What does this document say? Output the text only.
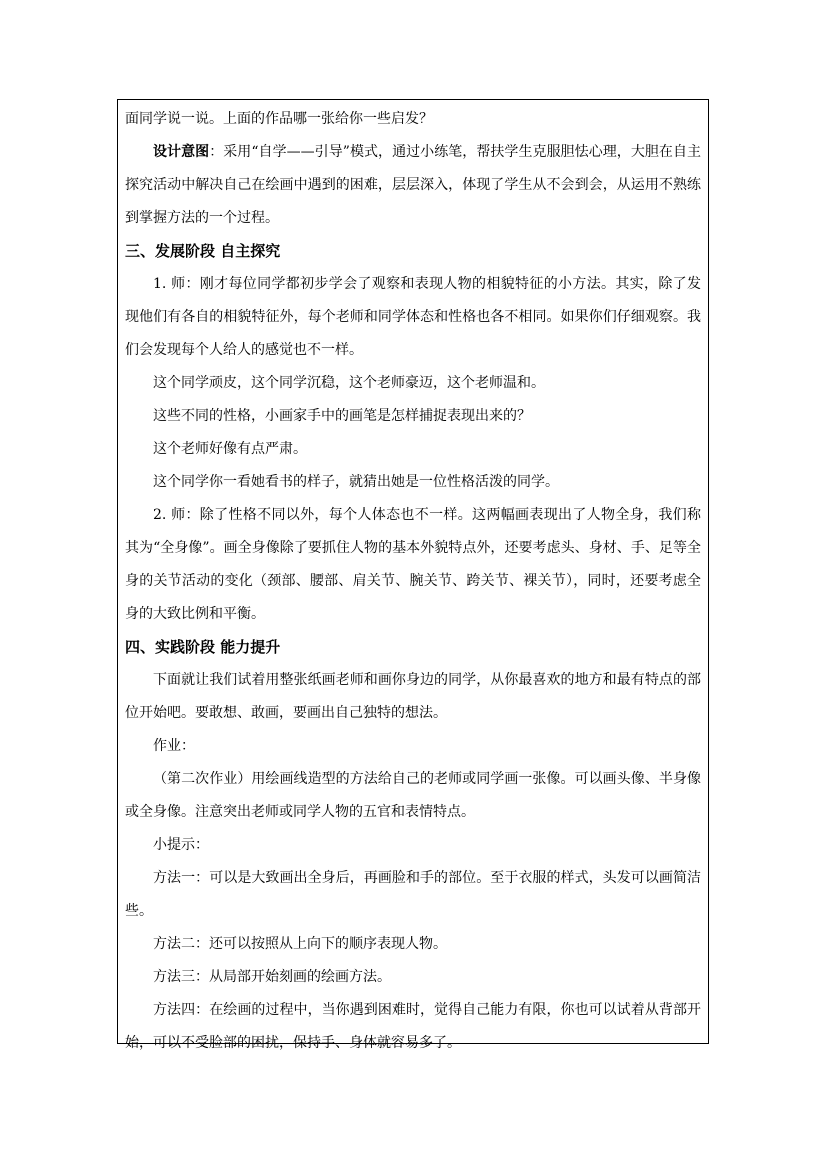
面同学说一说。上面的作品哪一张给你一些启发？

设计意图：采用“自学——引导”模式，通过小练笔，帮扶学生克服胆怯心理，大胆在自主探究活动中解决自己在绘画中遇到的困难，层层深入，体现了学生从不会到会，从运用不熟练到掌握方法的一个过程。

三、发展阶段 自主探究

1. 师：刚才每位同学都初步学会了观察和表现人物的相貌特征的小方法。其实，除了发现他们有各自的相貌特征外，每个老师和同学体态和性格也各不相同。如果你们仔细观察。我们会发现每个人给人的感觉也不一样。

这个同学顽皮，这个同学沉稳，这个老师豪迈，这个老师温和。

这些不同的性格，小画家手中的画笔是怎样捕捉表现出来的？

这个老师好像有点严肃。

这个同学你一看她看书的样子，就猜出她是一位性格活泼的同学。

2. 师：除了性格不同以外，每个人体态也不一样。这两幅画表现出了人物全身，我们称其为“全身像”。画全身像除了要抓住人物的基本外貌特点外，还要考虑头、身材、手、足等全身的关节活动的变化（颈部、腰部、肩关节、腕关节、跨关节、裸关节），同时，还要考虑全身的大致比例和平衡。

四、实践阶段 能力提升

下面就让我们试着用整张纸画老师和画你身边的同学，从你最喜欢的地方和最有特点的部位开始吧。要敢想、敢画，要画出自己独特的想法。

作业：

（第二次作业）用绘画线造型的方法给自己的老师或同学画一张像。可以画头像、半身像或全身像。注意突出老师或同学人物的五官和表情特点。

小提示：

方法一：可以是大致画出全身后，再画脸和手的部位。至于衣服的样式，头发可以画简洁些。

方法二：还可以按照从上向下的顺序表现人物。

方法三：从局部开始刻画的绘画方法。

方法四：在绘画的过程中，当你遇到困难时，觉得自己能力有限，你也可以试着从背部开始，可以不受脸部的困扰，保持手、身体就容易多了。
